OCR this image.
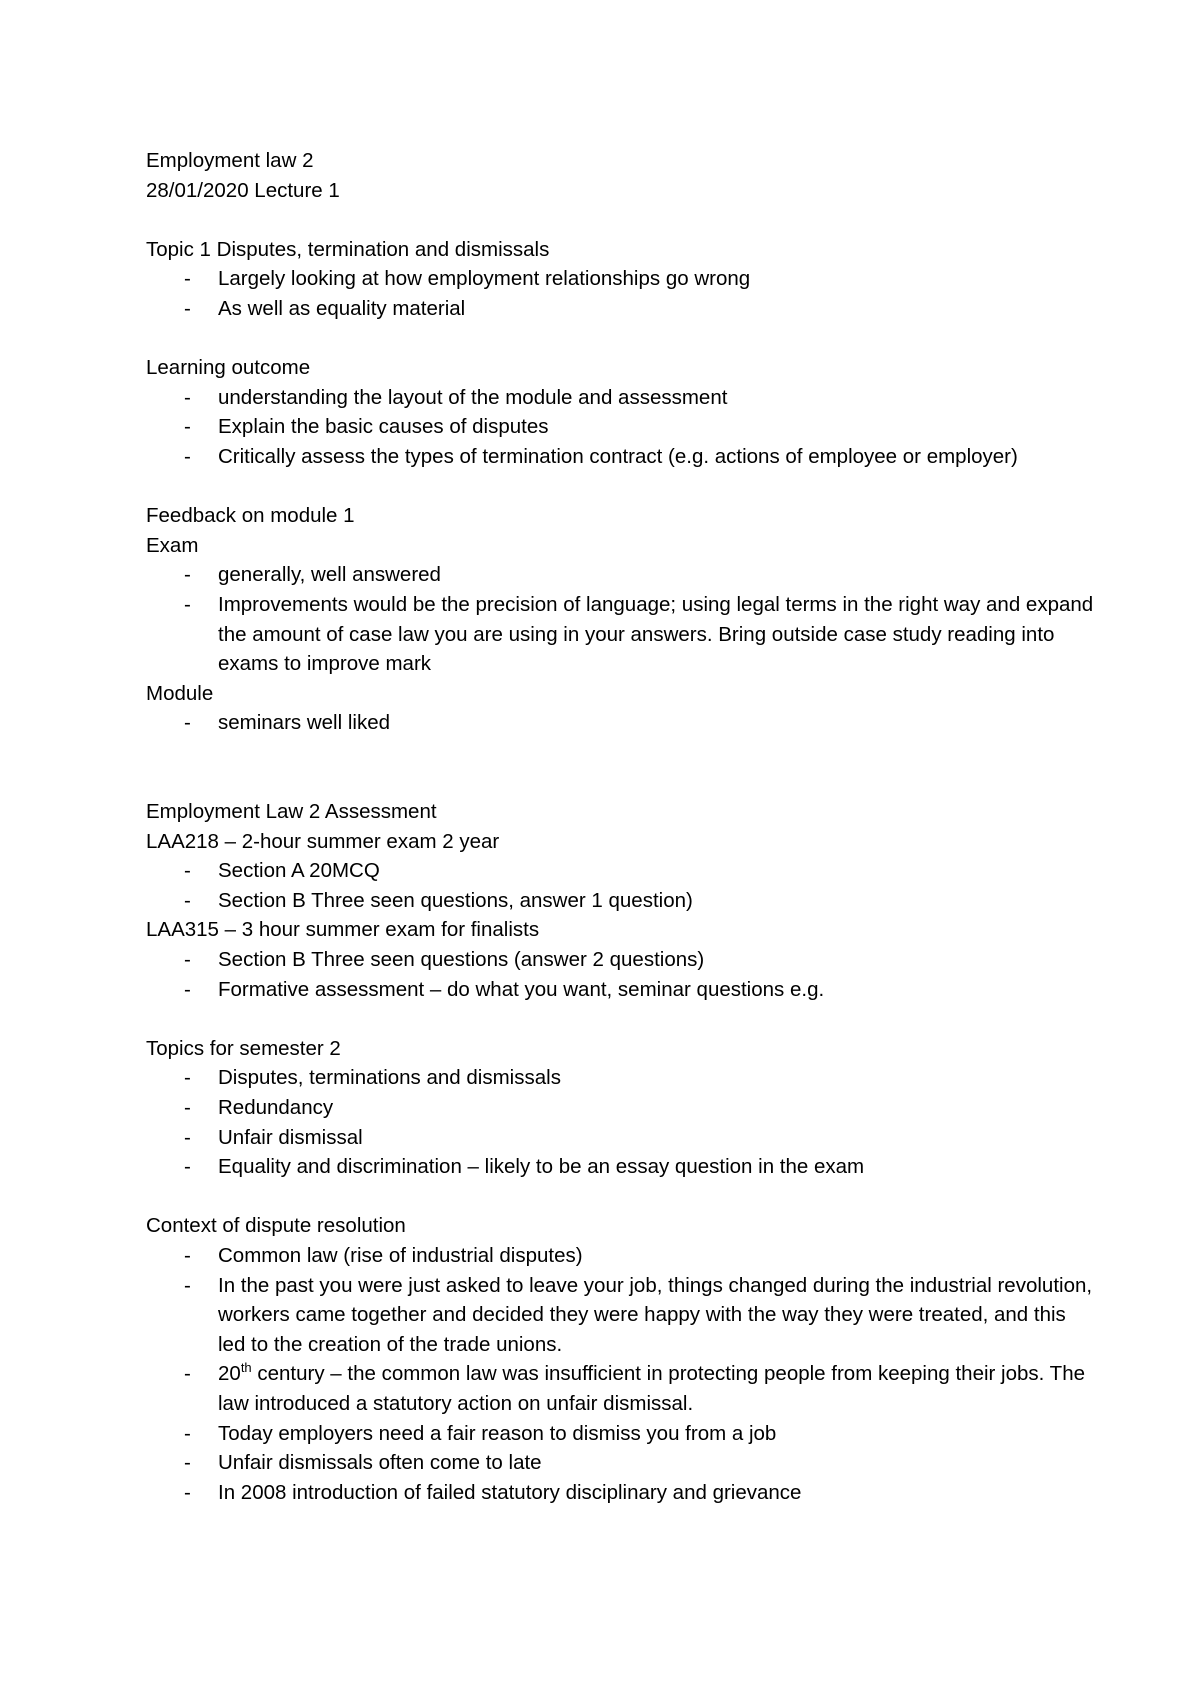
Employment law 2

28/01/2020 Lecture 1

Topic 1 Disputes, termination and dismissals

- Largely looking at how employment relationships go wrong
- As well as equality material

Learning outcome

- understanding the layout of the module and assessment
- Explain the basic causes of disputes
- Critically assess the types of termination contract (e.g. actions of employee or employer)

Feedback on module 1

Exam

- generally, well answered
- Improvements would be the precision of language; using legal terms in the right way and expand the amount of case law you are using in your answers. Bring outside case study reading into exams to improve mark

Module

- seminars well liked

Employment Law 2 Assessment

LAA218 – 2-hour summer exam 2 year

- Section A 20MCQ
- Section B Three seen questions, answer 1 question)

LAA315 – 3 hour summer exam for finalists

- Section B Three seen questions (answer 2 questions)
- Formative assessment – do what you want, seminar questions e.g.

Topics for semester 2

- Disputes, terminations and dismissals
- Redundancy
- Unfair dismissal
- Equality and discrimination – likely to be an essay question in the exam

Context of dispute resolution

- Common law (rise of industrial disputes)
- In the past you were just asked to leave your job, things changed during the industrial revolution, workers came together and decided they were happy with the way they were treated, and this led to the creation of the trade unions.
- 20th century – the common law was insufficient in protecting people from keeping their jobs. The law introduced a statutory action on unfair dismissal.
- Today employers need a fair reason to dismiss you from a job
- Unfair dismissals often come to late
- In 2008 introduction of failed statutory disciplinary and grievance
